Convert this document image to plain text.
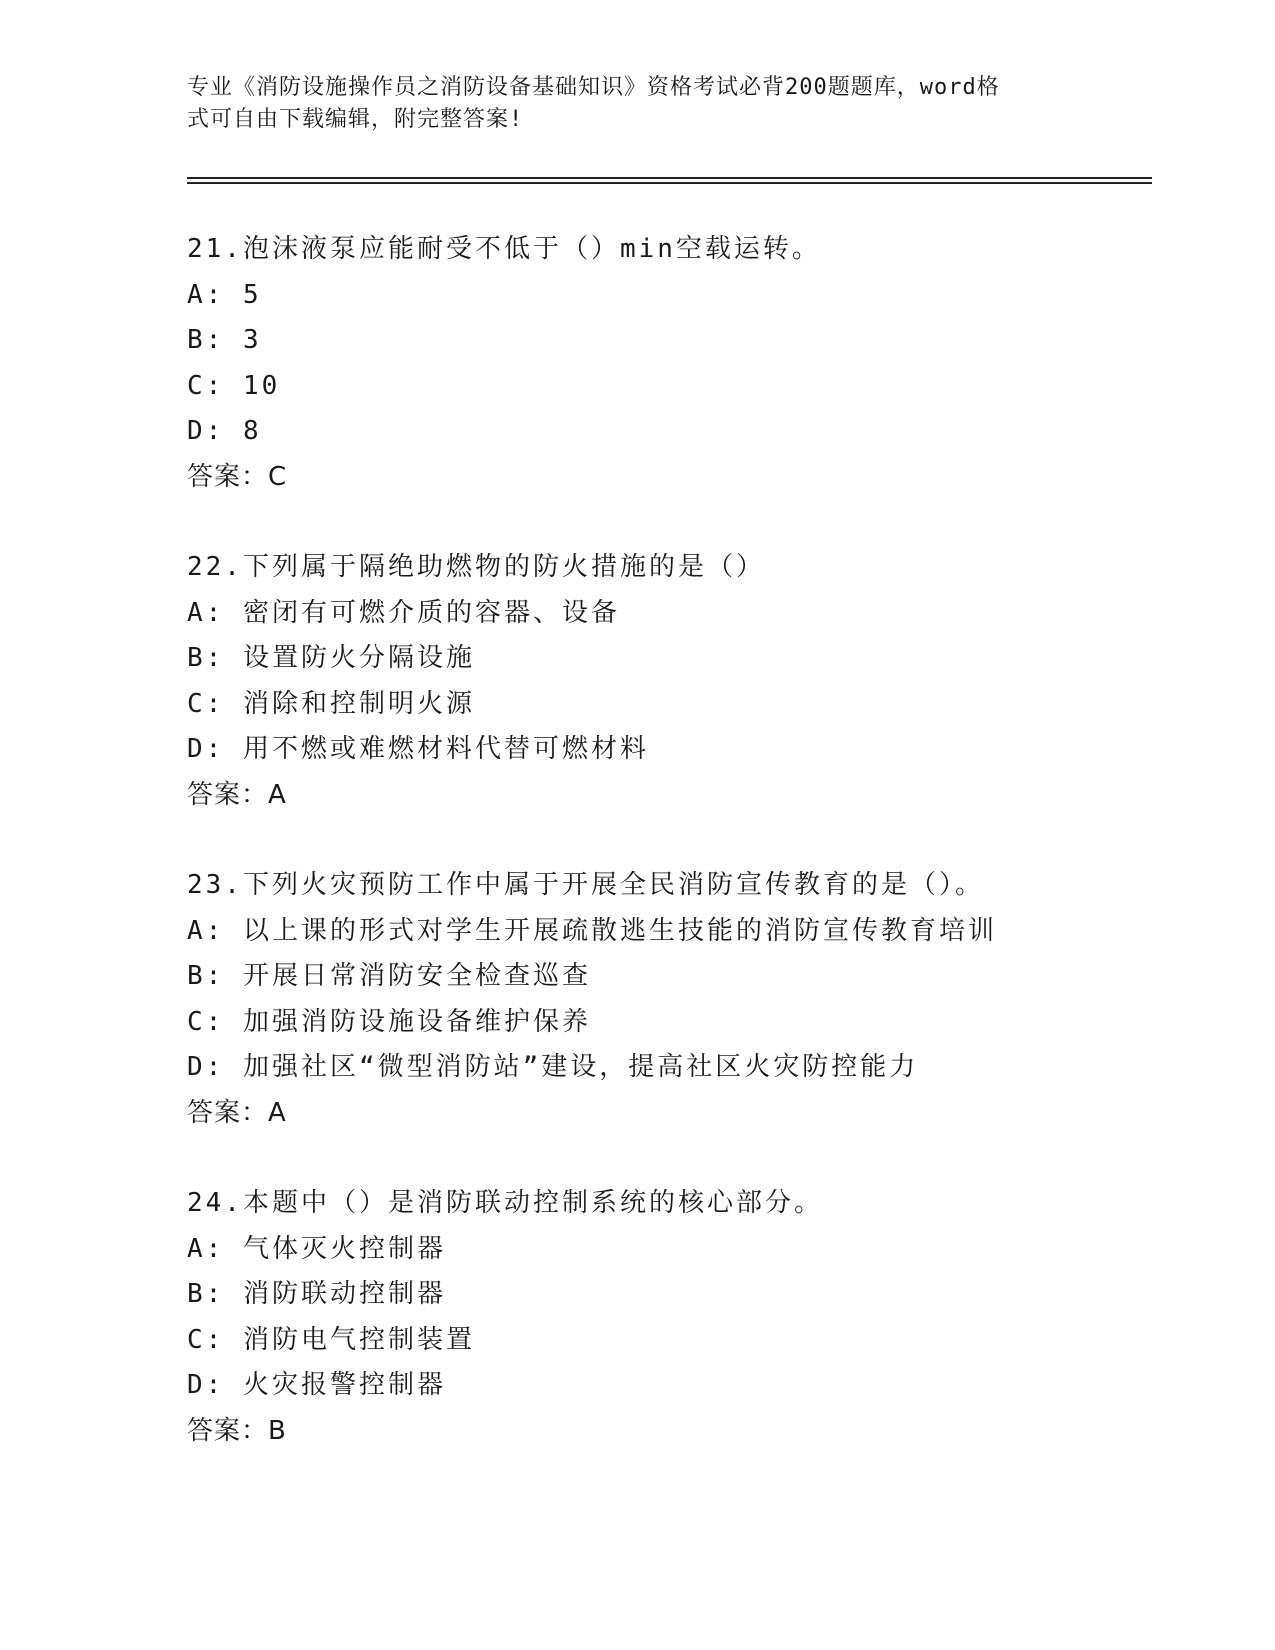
专业《消防设施操作员之消防设备基础知识》资格考试必背200题题库，word格
式可自由下载编辑，附完整答案!
21.泡沫液泵应能耐受不低于（）min空载运转。
A: 5
B: 3
C: 10
D: 8
答案：C
22.下列属于隔绝助燃物的防火措施的是（）
A: 密闭有可燃介质的容器、设备
B: 设置防火分隔设施
C: 消除和控制明火源
D: 用不燃或难燃材料代替可燃材料
答案：A
23.下列火灾预防工作中属于开展全民消防宣传教育的是（）。
A: 以上课的形式对学生开展疏散逃生技能的消防宣传教育培训
B: 开展日常消防安全检查巡查
C: 加强消防设施设备维护保养
D: 加强社区“微型消防站”建设，提高社区火灾防控能力
答案：A
24.本题中（）是消防联动控制系统的核心部分。
A: 气体灭火控制器
B: 消防联动控制器
C: 消防电气控制装置
D: 火灾报警控制器
答案：B
